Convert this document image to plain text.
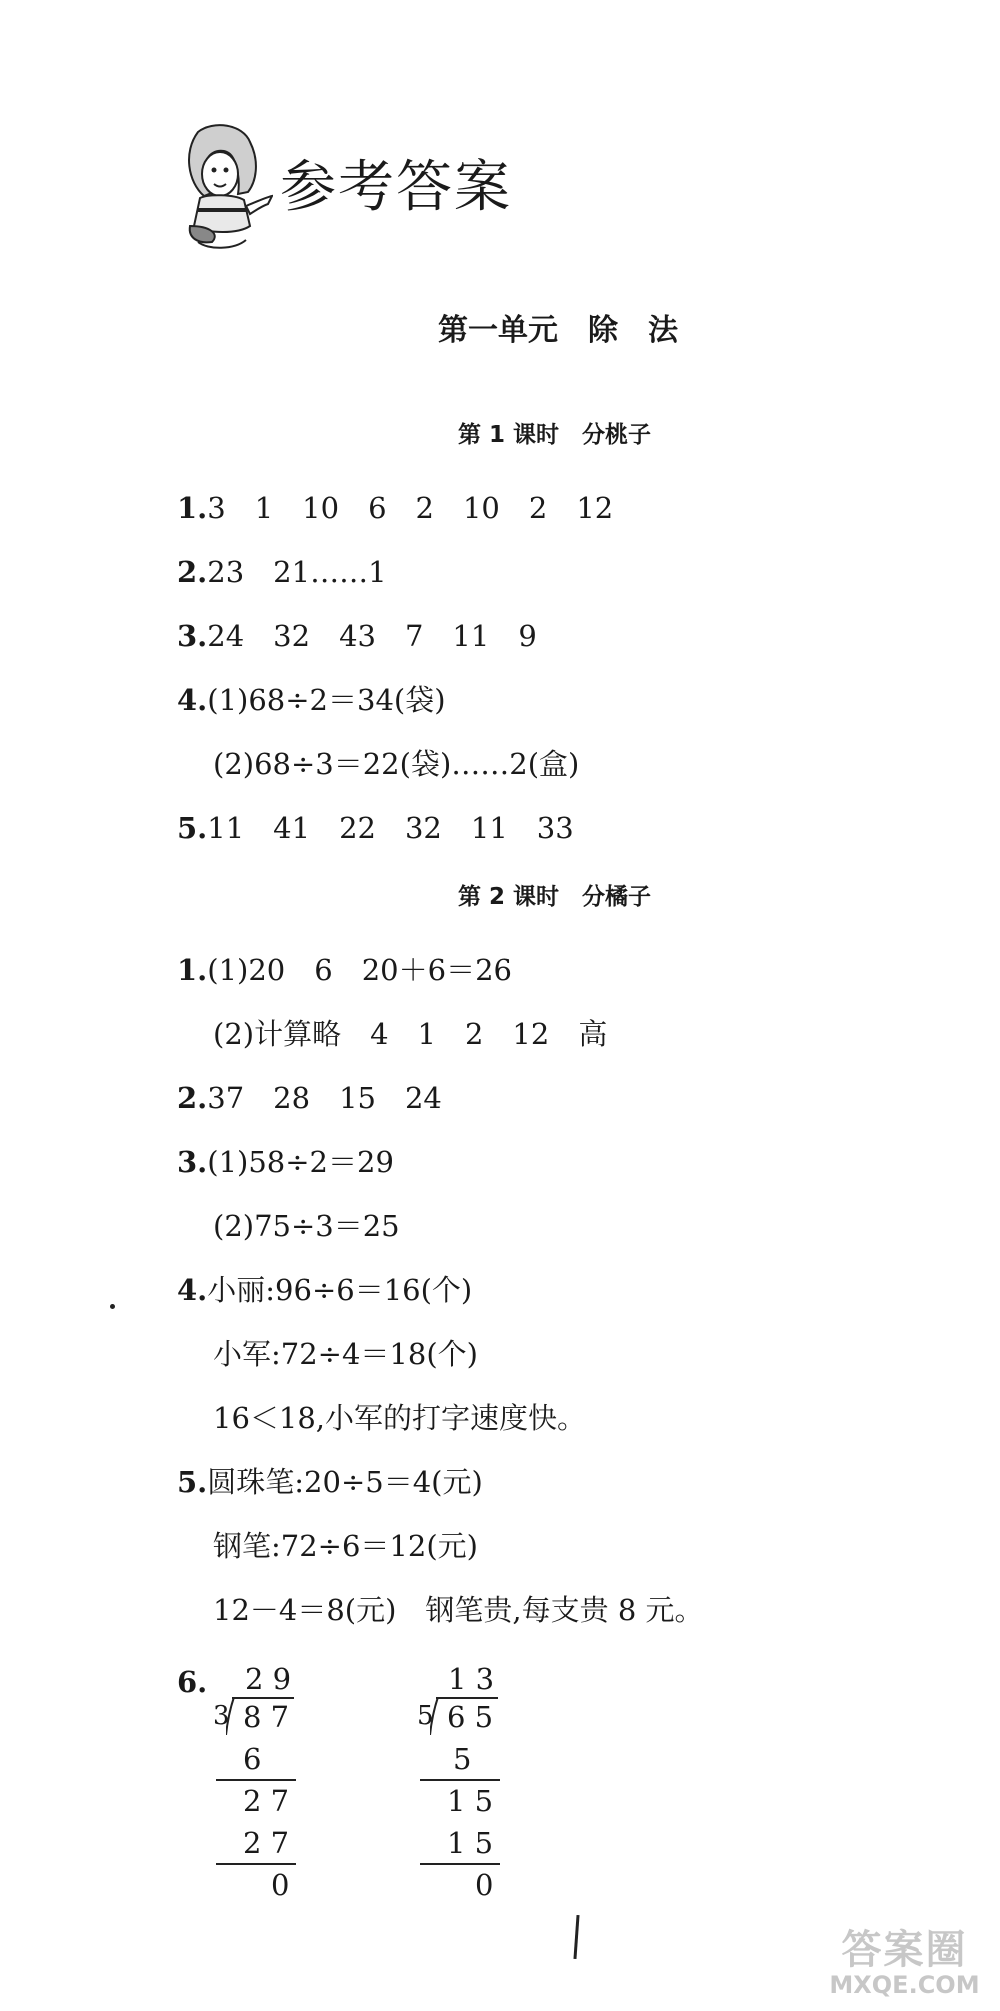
参考答案
第一单元　除　法
第 1 课时　分桃子
1.3　1　10　6　2　10　2　12
2.23　21……1
3.24　32　43　7　11　9
4.(1)68÷2＝34(袋)
(2)68÷3＝22(袋)……2(盒)
5.11　41　22　32　11　33
第 2 课时　分橘子
1.(1)20　6　20＋6＝26
(2)计算略　4　1　2　12　高
2.37　28　15　24
3.(1)58÷2＝29
(2)75÷3＝25
4.小丽:96÷6＝16(个)
小军:72÷4＝18(个)
16＜18,小军的打字速度快。
5.圆珠笔:20÷5＝4(元)
钢笔:72÷6＝12(元)
12－4＝8(元)　钢笔贵,每支贵 8 元。
6. 2 9
3 8 7
6
2 7
2 7
0
1 3
5 6 5
5
1 5
1 5
0
答案圈
MXQE.COM
